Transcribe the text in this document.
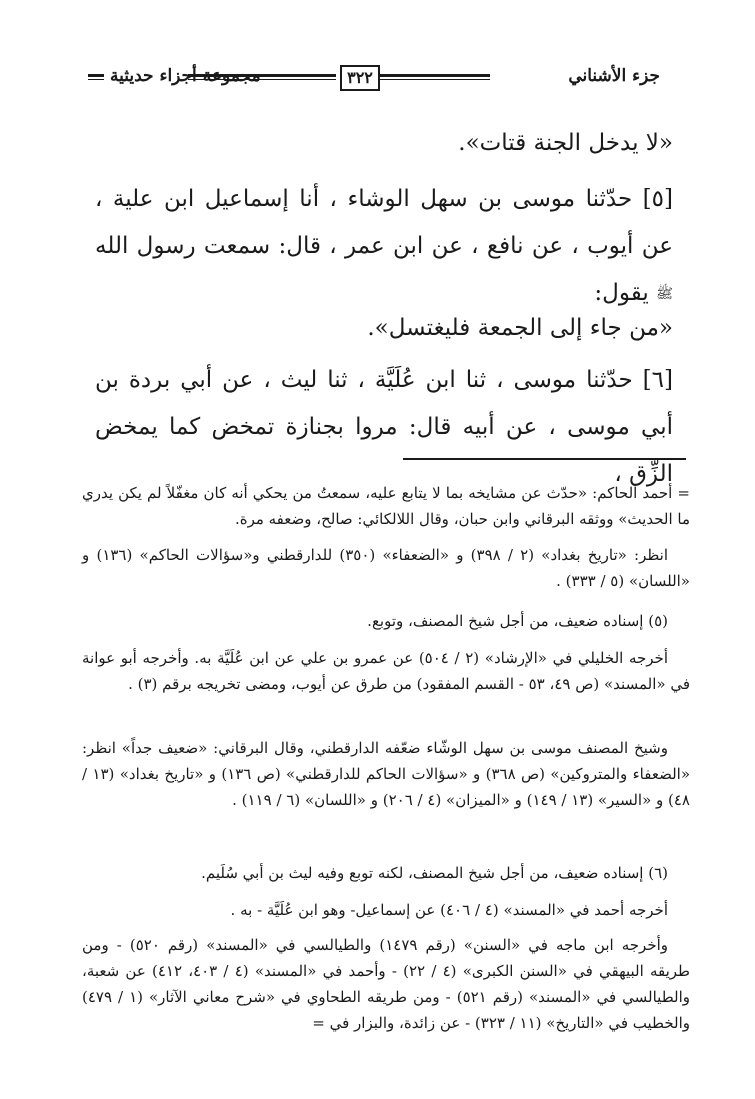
جزء الأشناني
٣٢٢
مجموعة أجزاء حديثية
«لا يدخل الجنة قتات».
[٥] حدّثنا موسى بن سهل الوشاء ، أنا إسماعيل ابن علية ، عن أيوب ، عن نافع ، عن ابن عمر ، قال: سمعت رسول الله ﷺ يقول:
«من جاء إلى الجمعة فليغتسل».
[٦] حدّثنا موسى ، ثنا ابن عُلَيَّة ، ثنا ليث ، عن أبي بردة بن أبي موسى ، عن أبيه قال: مروا بجنازة تمخض كما يمخض الزِّق ،
= أحمد الحاكم: «حدّث عن مشايخه بما لا يتابع عليه، سمعتُ من يحكي أنه كان مغفّلاً لم يكن يدري ما الحديث» ووثقه البرقاني وابن حبان، وقال اللالكائي: صالح، وضعفه مرة.
انظر: «تاريخ بغداد» (٢ / ٣٩٨) و «الضعفاء» (٣٥٠) للدارقطني و«سؤالات الحاكم» (١٣٦) و «اللسان» (٥ / ٣٣٣) .
(٥) إسناده ضعيف، من أجل شيخ المصنف، وتوبع.
أخرجه الخليلي في «الإرشاد» (٢ / ٥٠٤) عن عمرو بن علي عن ابن عُلَيَّة به. وأخرجه أبو عوانة في «المسند» (ص ٤٩، ٥٣ - القسم المفقود) من طرق عن أيوب، ومضى تخريجه برقم (٣) .
وشيخ المصنف موسى بن سهل الوشّاء ضعّفه الدارقطني، وقال البرقاني: «ضعيف جداً» انظر: «الضعفاء والمتروكين» (ص ٣٦٨) و «سؤالات الحاكم للدارقطني» (ص ١٣٦) و «تاريخ بغداد» (١٣ / ٤٨) و «السير» (١٣ / ١٤٩) و «الميزان» (٤ / ٢٠٦) و «اللسان» (٦ / ١١٩) .
(٦) إسناده ضعيف، من أجل شيخ المصنف، لكنه توبع وفيه ليث بن أبي سُلَيم.
أخرجه أحمد في «المسند» (٤ / ٤٠٦) عن إسماعيل- وهو ابن عُلَيَّة - به .
وأخرجه ابن ماجه في «السنن» (رقم ١٤٧٩) والطيالسي في «المسند» (رقم ٥٢٠) - ومن طريقه البيهقي في «السنن الكبرى» (٤ / ٢٢) - وأحمد في «المسند» (٤ / ٤٠٣، ٤١٢) عن شعبة، والطيالسي في «المسند» (رقم ٥٢١) - ومن طريقه الطحاوي في «شرح معاني الآثار» (١ / ٤٧٩) والخطيب في «التاريخ» (١١ / ٣٢٣) - عن زائدة، والبزار في =
